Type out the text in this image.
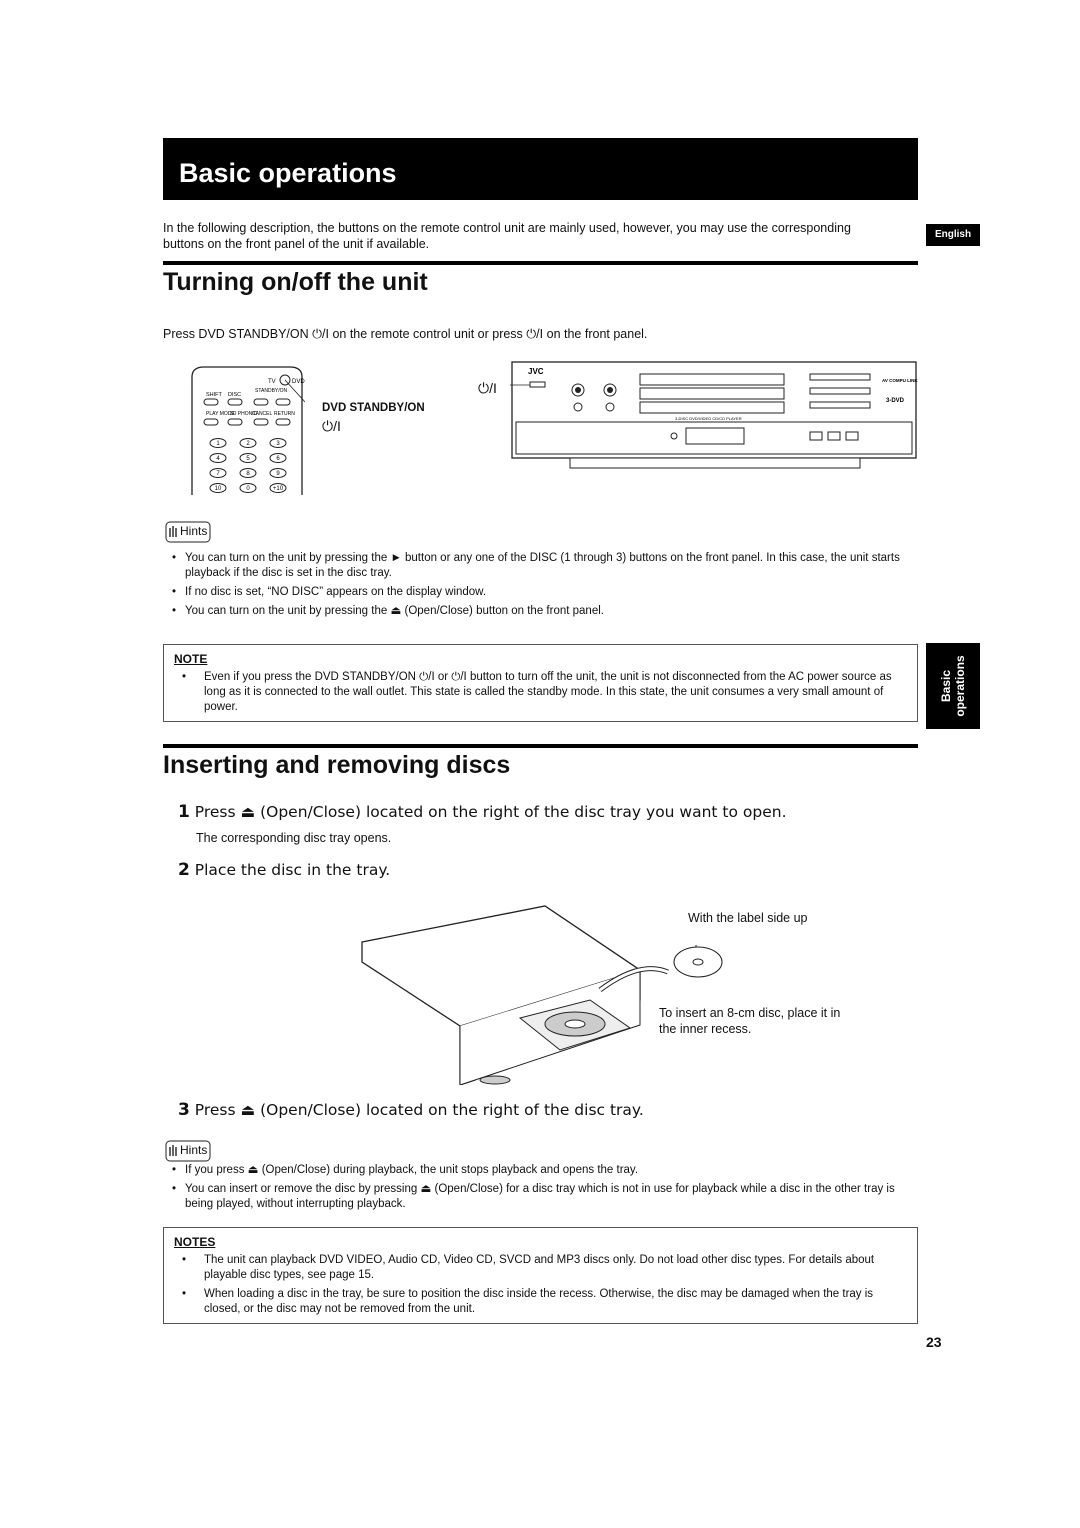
Basic operations
In the following description, the buttons on the remote control unit are mainly used, however, you may use the corresponding buttons on the front panel of the unit if available.
English
Turning on/off the unit
Press DVD STANDBY/ON ⏻/I on the remote control unit or press ⏻/I on the front panel.
TV	DVD
SHIFT DISC
STANDBY/ON
PLAY MODE
3D PHONIC
CANCEL RETURN
1	2	3
4	5	6
7	8	9
10	0	+10
DVD STANDBY/ON
⏻/I
⏻/I
JVC
3-DISC DVD/VIDEO CD/CD PLAYER
AV COMPU LINK
3-DVD
Hints
• You can turn on the unit by pressing the ► button or any one of the DISC (1 through 3) buttons on the front panel. In this case, the unit starts playback if the disc is set in the disc tray.
• If no disc is set, “NO DISC” appears on the display window.
• You can turn on the unit by pressing the ⏏ (Open/Close) button on the front panel.
NOTE
• Even if you press the DVD STANDBY/ON ⏻/I or ⏻/I button to turn off the unit, the unit is not disconnected from the AC power source as long as it is connected to the wall outlet. This state is called the standby mode. In this state, the unit consumes a very small amount of power.
Basic operations
Inserting and removing discs
1 Press ⏏ (Open/Close) located on the right of the disc tray you want to open.
The corresponding disc tray opens.
2 Place the disc in the tray.
With the label side up
To insert an 8-cm disc, place it in the inner recess.
3 Press ⏏ (Open/Close) located on the right of the disc tray.
Hints
• If you press ⏏ (Open/Close) during playback, the unit stops playback and opens the tray.
• You can insert or remove the disc by pressing ⏏ (Open/Close) for a disc tray which is not in use for playback while a disc in the other tray is being played, without interrupting playback.
NOTES
• The unit can playback DVD VIDEO, Audio CD, Video CD, SVCD and MP3 discs only. Do not load other disc types. For details about playable disc types, see page 15.
• When loading a disc in the tray, be sure to position the disc inside the recess. Otherwise, the disc may be damaged when the tray is closed, or the disc may not be removed from the unit.
23
